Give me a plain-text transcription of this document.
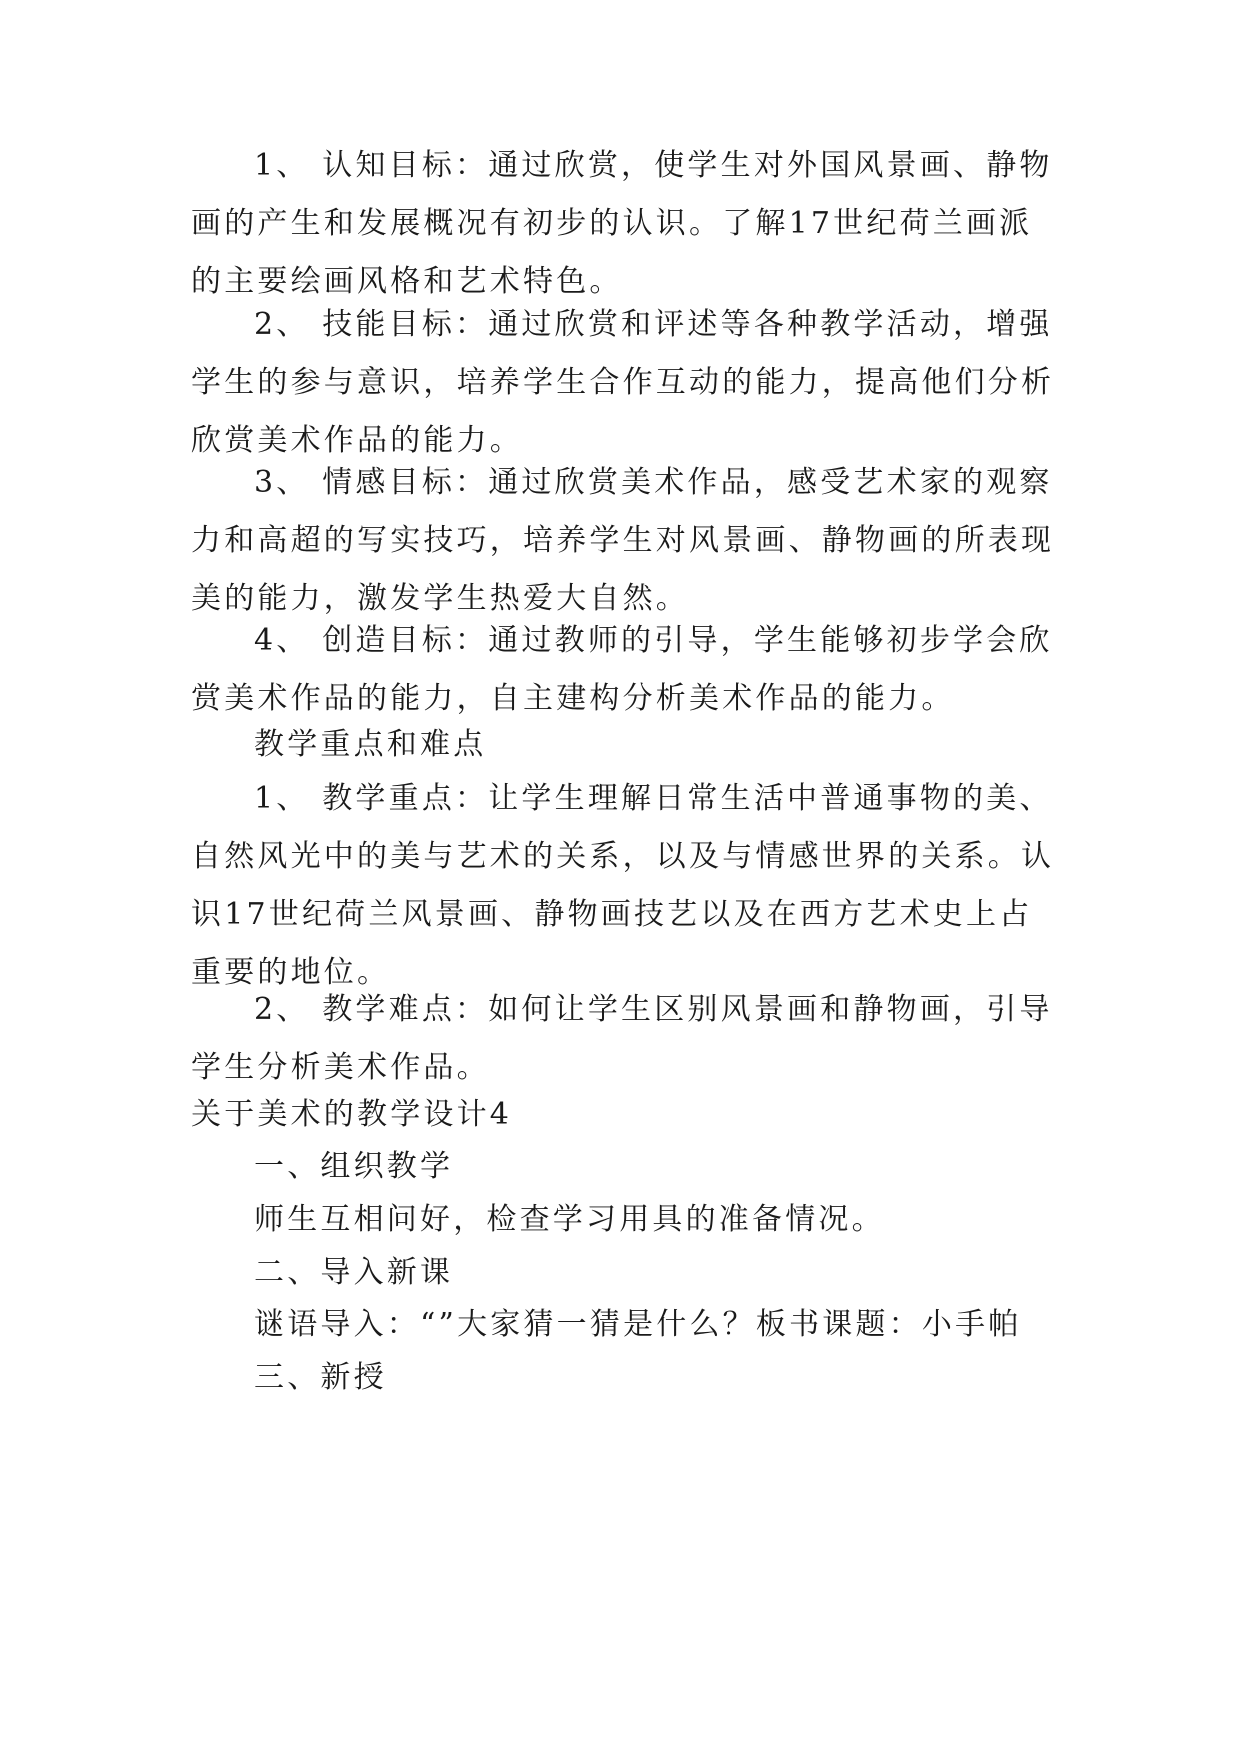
1、 认知目标：通过欣赏，使学生对外国风景画、静物画的产生和发展概况有初步的认识。了解17世纪荷兰画派的主要绘画风格和艺术特色。

2、 技能目标：通过欣赏和评述等各种教学活动，增强学生的参与意识，培养学生合作互动的能力，提高他们分析欣赏美术作品的能力。

3、 情感目标：通过欣赏美术作品，感受艺术家的观察力和高超的写实技巧，培养学生对风景画、静物画的所表现美的能力，激发学生热爱大自然。

4、 创造目标：通过教师的引导，学生能够初步学会欣赏美术作品的能力，自主建构分析美术作品的能力。

教学重点和难点

1、 教学重点：让学生理解日常生活中普通事物的美、自然风光中的美与艺术的关系，以及与情感世界的关系。认识17世纪荷兰风景画、静物画技艺以及在西方艺术史上占重要的地位。

2、 教学难点：如何让学生区别风景画和静物画，引导学生分析美术作品。

关于美术的教学设计4

一、组织教学

师生互相问好，检查学习用具的准备情况。

二、导入新课

谜语导入：“”大家猜一猜是什么？板书课题：小手帕

三、新授
